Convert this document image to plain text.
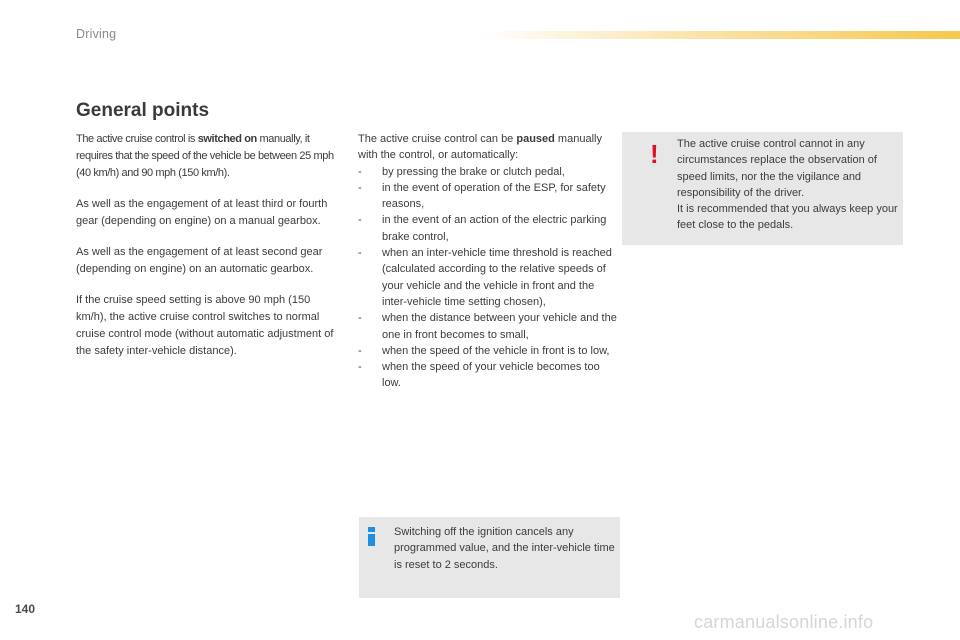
Driving
General points

The active cruise control is switched on manually, it requires that the speed of the vehicle be between 25 mph (40 km/h) and 90 mph (150 km/h).

As well as the engagement of at least third or fourth gear (depending on engine) on a manual gearbox.

As well as the engagement of at least second gear (depending on engine) on an automatic gearbox.

If the cruise speed setting is above 90 mph (150 km/h), the active cruise control switches to normal cruise control mode (without automatic adjustment of the safety inter-vehicle distance).

The active cruise control can be paused manually with the control, or automatically:

- by pressing the brake or clutch pedal,
- in the event of operation of the ESP, for safety reasons,
- in the event of an action of the electric parking brake control,
- when an inter-vehicle time threshold is reached (calculated according to the relative speeds of your vehicle and the vehicle in front and the inter-vehicle time setting chosen),
- when the distance between your vehicle and the one in front becomes to small,
- when the speed of the vehicle in front is to low,
- when the speed of your vehicle becomes too low.
! The active cruise control cannot in any circumstances replace the observation of speed limits, nor the the vigilance and responsibility of the driver.

It is recommended that you always keep your feet close to the pedals.

Switching off the ignition cancels any programmed value, and the inter-vehicle time is reset to 2 seconds.
140
carmanualsonline.info
